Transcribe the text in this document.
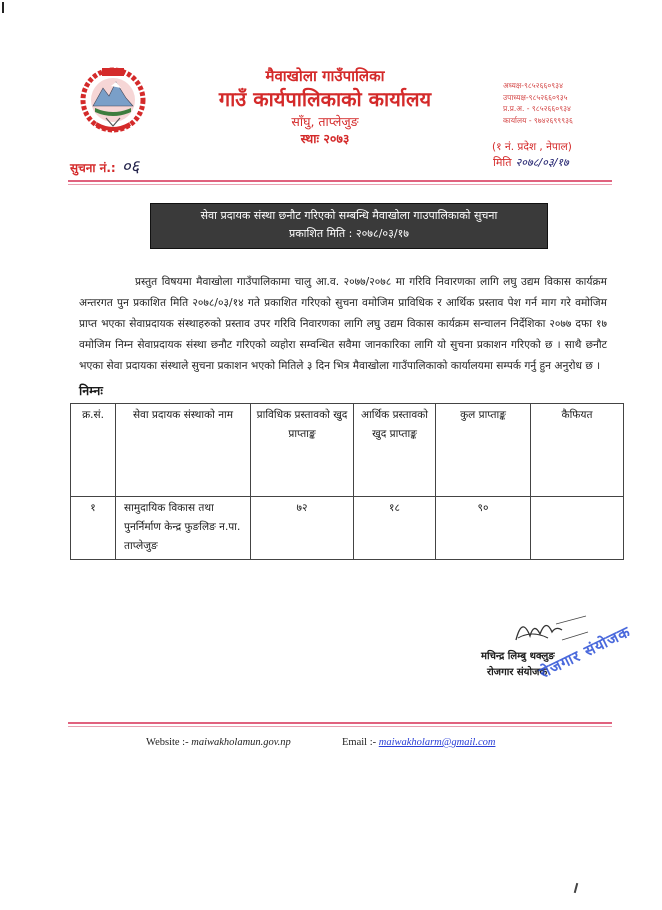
मैवाखोला गाउँपालिका
गाउँ कार्यपालिकाको कार्यालय
साँघु, ताप्लेजुङ
स्थाः २०७३
अध्यक्ष-९८५२६६०९३४
उपाध्यक्ष-९८५२६६०९३५
प्र.प्र.अ. - ९८५२६६०९३४
कार्यालय - ९७४२६९९९३६
(१ नं. प्रदेश , नेपाल)
मिति २०७८/०३/१७
सुचना नं.: ०६
सेवा प्रदायक संस्था छनौट गरिएको सम्बन्धि मैवाखोला गाउपालिकाको सुचना
प्रकाशित मिति : २०७८/०३/१७

प्रस्तुत विषयमा मैवाखोला गाउँपालिकामा चालु आ.व. २०७७/२०७८ मा गरिवि निवारणका लागि लघु उद्यम विकास कार्यक्रम अन्तरगत पुन प्रकाशित मिति २०७८/०३/१४ गते प्रकाशित गरिएको सुचना वमोजिम प्राविधिक र आर्थिक प्रस्ताव पेश गर्न माग गरे वमोजिम प्राप्त भएका सेवाप्रदायक संस्थाहरुको प्रस्ताव उपर गरिवि निवारणका लागि लघु उद्यम विकास कार्यक्रम सन्चालन निर्देशिका २०७७ दफा १७ वमोजिम निम्न सेवाप्रदायक संस्था छनौट गरिएको व्यहोरा सम्वन्धित सवैमा जानकारिका लागि यो सुचना प्रकाशन गरिएको छ । साथै छनौट भएका सेवा प्रदायका संस्थाले सुचना प्रकाशन भएको मितिले ३ दिन भित्र मैवाखोला गाउँपालिकाको कार्यालयमा सम्पर्क गर्नु हुन अनुरोध छ ।

निम्नः
क्र.सं.	सेवा प्रदायक संस्थाको नाम	प्राविधिक प्रस्तावको खुद प्राप्ताङ्क	आर्थिक प्रस्तावको खुद प्राप्ताङ्क	कुल प्राप्ताङ्क	कैफियत
१	सामुदायिक विकास तथा पुनर्निर्माण केन्द्र फुङलिङ न.पा. ताप्लेजुङ	७२	१८	९०	
मचिन्द्र लिम्बु थक्लुङ
रोजगार संयोजक
रोजगार संयोजक
Website :- maiwakholamun.gov.np	Email :- maiwakholarm@gmail.com
